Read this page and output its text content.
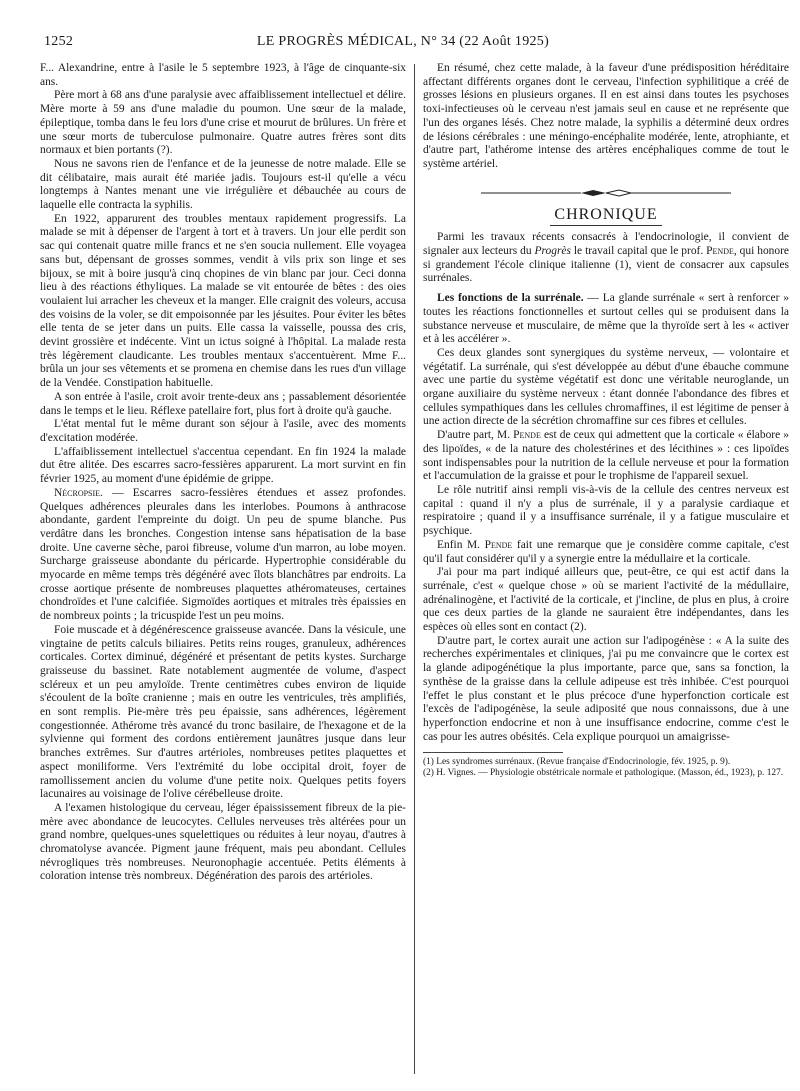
1252	LE PROGRÈS MÉDICAL, N° 34 (22 Août 1925)

F... Alexandrine, entre à l'asile le 5 septembre 1923, à l'âge de cinquante-six ans.

Père mort à 68 ans d'une paralysie avec affaiblissement intellectuel et délire. Mère morte à 59 ans d'une maladie du poumon. Une sœur de la malade, épileptique, tomba dans le feu lors d'une crise et mourut de brûlures. Un frère et une sœur morts de tuberculose pulmonaire. Quatre autres frères sont dits normaux et bien portants (?).

Nous ne savons rien de l'enfance et de la jeunesse de notre malade. Elle se dit célibataire, mais aurait été mariée jadis. Toujours est-il qu'elle a vécu longtemps à Nantes menant une vie irrégulière et débauchée au cours de laquelle elle contracta la syphilis.

En 1922, apparurent des troubles mentaux rapidement progressifs. La malade se mit à dépenser de l'argent à tort et à travers. Un jour elle perdit son sac qui contenait quatre mille francs et ne s'en soucia nullement. Elle voyagea sans but, dépensant de grosses sommes, vendit à vils prix son linge et ses bijoux, se mit à boire jusqu'à cinq chopines de vin blanc par jour. Ceci donna lieu à des réactions éthyliques. La malade se vit entourée de bêtes : des oies voulaient lui arracher les cheveux et la manger. Elle craignit des voleurs, accusa des voisins de la voler, se dit empoisonnée par les jésuites. Pour éviter les bêtes elle tenta de se jeter dans un puits. Elle cassa la vaisselle, poussa des cris, devint grossière et indécente. Vint un ictus soigné à l'hôpital. La malade resta très légèrement claudicante. Les troubles mentaux s'accentuèrent. Mme F... brûla un jour ses vêtements et se promena en chemise dans les rues d'un village de la Vendée. Constipation habituelle.

A son entrée à l'asile, croit avoir trente-deux ans ; passablement désorientée dans le temps et le lieu. Réflexe patellaire fort, plus fort à droite qu'à gauche.

L'état mental fut le même durant son séjour à l'asile, avec des moments d'excitation modérée.

L'affaiblissement intellectuel s'accentua cependant. En fin 1924 la malade dut être alitée. Des escarres sacro-fessières apparurent. La mort survint en fin février 1925, au moment d'une épidémie de grippe.

Nécropsie. — Escarres sacro-fessières étendues et assez profondes. Quelques adhérences pleurales dans les interlobes. Poumons à anthracose abondante, gardent l'empreinte du doigt. Un peu de spume blanche. Pus verdâtre dans les bronches. Congestion intense sans hépatisation de la base droite. Une caverne sèche, paroi fibreuse, volume d'un marron, au lobe moyen. Surcharge graisseuse abondante du péricarde. Hypertrophie considérable du myocarde en même temps très dégénéré avec îlots blanchâtres par endroits. La crosse aortique présente de nombreuses plaquettes athéromateuses, certaines chondroïdes et l'une calcifiée. Sigmoïdes aortiques et mitrales très épaissies en de nombreux points ; la tricuspide l'est un peu moins.

Foie muscade et à dégénérescence graisseuse avancée. Dans la vésicule, une vingtaine de petits calculs biliaires. Petits reins rouges, granuleux, adhérences corticales. Cortex diminué, dégénéré et présentant de petits kystes. Surcharge graisseuse du bassinet. Rate notablement augmentée de volume, d'aspect scléreux et un peu amyloïde. Trente centimètres cubes environ de liquide s'écoulent de la boîte cranienne ; mais en outre les ventricules, très amplifiés, en sont remplis. Pie-mère très peu épaissie, sans adhérences, légèrement congestionnée. Athérome très avancé du tronc basilaire, de l'hexagone et de la sylvienne qui forment des cordons entièrement jaunâtres jusque dans leur branches extrêmes. Sur d'autres artérioles, nombreuses petites plaquettes et aspect moniliforme. Vers l'extrémité du lobe occipital droit, foyer de ramollissement ancien du volume d'une petite noix. Quelques petits foyers lacunaires au voisinage de l'olive cérébelleuse droite.

A l'examen histologique du cerveau, léger épaississement fibreux de la pie-mère avec abondance de leucocytes. Cellules nerveuses très altérées pour un grand nombre, quelques-unes squelettiques ou réduites à leur noyau, d'autres à chromatolyse avancée. Pigment jaune fréquent, mais peu abondant. Cellules névrogliques très nombreuses. Neuronophagie accentuée. Petits éléments à coloration intense très nombreux. Dégénération des parois des artérioles.

En résumé, chez cette malade, à la faveur d'une prédisposition héréditaire affectant différents organes dont le cerveau, l'infection syphilitique a créé de grosses lésions en plusieurs organes. Il en est ainsi dans toutes les psychoses toxi-infectieuses où le cerveau n'est jamais seul en cause et ne représente que l'un des organes lésés. Chez notre malade, la syphilis a déterminé deux ordres de lésions cérébrales : une méningo-encéphalite modérée, lente, atrophiante, et d'autre part, l'athérome intense des artères encéphaliques comme de tout le système artériel.

CHRONIQUE

Parmi les travaux récents consacrés à l'endocrinologie, il convient de signaler aux lecteurs du Progrès le travail capital que le prof. Pende, qui honore si grandement l'école clinique italienne (1), vient de consacrer aux capsules surrénales.

Les fonctions de la surrénale. — La glande surrénale « sert à renforcer » toutes les réactions fonctionnelles et surtout celles qui se produisent dans la substance nerveuse et musculaire, de même que la thyroïde sert à les « activer et à les accélérer ».

Ces deux glandes sont synergiques du système nerveux, — volontaire et végétatif. La surrénale, qui s'est développée au début d'une ébauche commune avec une partie du système végétatif est donc une véritable neuroglande, un organe auxiliaire du système nerveux : étant donnée l'abondance des fibres et cellules sympathiques dans les cellules chromaffines, il est légitime de penser à une action directe de la sécrétion chromaffine sur ces fibres et cellules.

D'autre part, M. Pende est de ceux qui admettent que la corticale « élabore » des lipoïdes, « de la nature des cholestérines et des lécithines » : ces lipoïdes sont indispensables pour la nutrition de la cellule nerveuse et pour la formation et l'accumulation de la graisse et pour le trophisme de l'appareil sexuel.

Le rôle nutritif ainsi rempli vis-à-vis de la cellule des centres nerveux est capital : quand il n'y a plus de surrénale, il y a paralysie cardiaque et respiratoire ; quand il y a insuffisance surrénale, il y a fatigue musculaire et psychique.

Enfin M. Pende fait une remarque que je considère comme capitale, c'est qu'il faut considérer qu'il y a synergie entre la médullaire et la corticale.

J'ai pour ma part indiqué ailleurs que, peut-être, ce qui est actif dans la surrénale, c'est « quelque chose » où se marient l'activité de la médullaire, adrénalinogène, et l'activité de la corticale, et j'incline, de plus en plus, à croire que ces deux parties de la glande ne sauraient être indépendantes, dans les espèces où elles sont en contact (2).

D'autre part, le cortex aurait une action sur l'adipogénèse : « A la suite des recherches expérimentales et cliniques, j'ai pu me convaincre que le cortex est la glande adipogénétique la plus importante, parce que, sans sa fonction, la synthèse de la graisse dans la cellule adipeuse est très inhibée. C'est pourquoi l'effet le plus constant et le plus précoce d'une hyperfonction corticale est l'excès de l'adipogénèse, la seule adiposité que nous connaissons, due à une hyperfonction endocrine et non à une insuffisance endocrine, comme c'est le cas pour les autres obésités. Cela explique pourquoi un amaigrisse-

(1) Les syndromes surrénaux. (Revue française d'Endocrinologie, fév. 1925, p. 9).

(2) H. Vignes. — Physiologie obstétricale normale et pathologique. (Masson, éd., 1923), p. 127.
